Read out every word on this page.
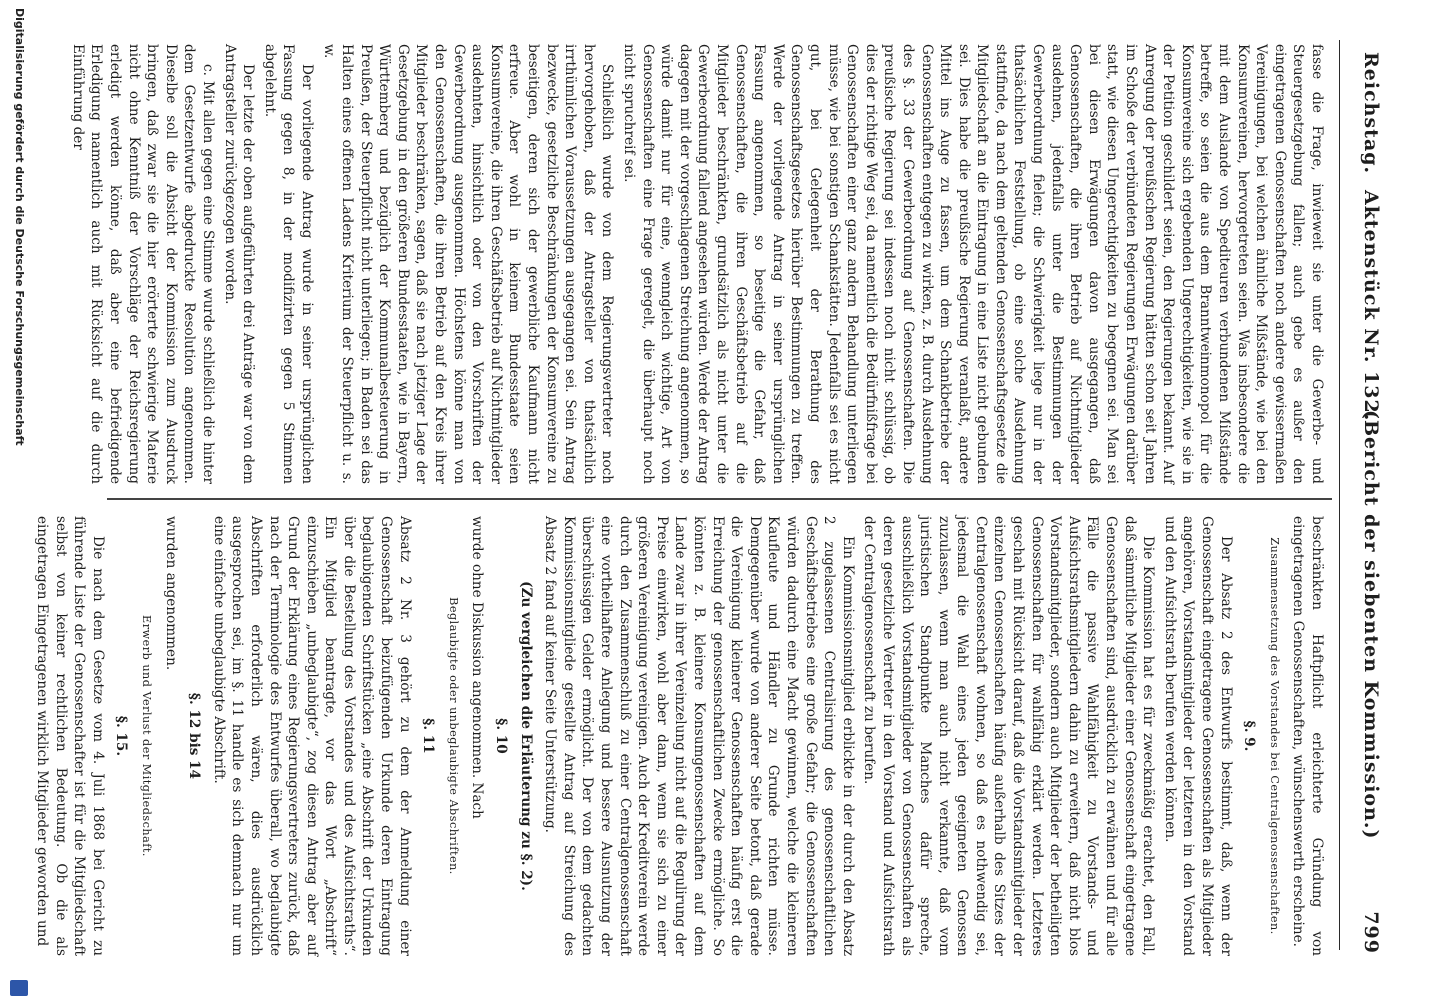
Reichstag.
Aktenstück Nr. 132.
(Bericht der siebenten Kommission.)
799

fasse die Frage, inwieweit sie unter die Gewerbe- und Steuergesetzgebung fallen; auch gebe es außer den eingetragenen Genossenschaften noch andere gewissermaßen Vereinigungen, bei welchen ähnliche Mißstände, wie bei den Konsumvereinen, hervorgetreten seien. Was insbesondere die mit dem Auslande von Spediteuren verbundenen Mißstände betreffe, so seien die aus dem Branntweinmonopol für die Konsumvereine sich ergebenden Ungerechtigkeiten, wie sie in der Petition geschildert seien, den Regierungen bekannt. Auf Anregung der preußischen Regierung hätten schon seit Jahren im Schoße der verbündeten Regierungen Erwägungen darüber statt, wie diesen Ungerechtigkeiten zu begegnen sei. Man sei bei diesen Erwägungen davon ausgegangen, daß Genossenschaften, die ihren Betrieb auf Nichtmitglieder ausdehnen, jedenfalls unter die Bestimmungen der Gewerbeordnung fielen; die Schwierigkeit liege nur in der thatsächlichen Feststellung, ob eine solche Ausdehnung stattfinde, da nach dem geltenden Genossenschaftsgesetze die Mitgliedschaft an die Eintragung in eine Liste nicht gebunden sei. Dies habe die preußische Regierung veranlaßt, andere Mittel ins Auge zu fassen, um dem Schankbetriebe der Genossenschaften entgegen zu wirken, z. B. durch Ausdehnung des §. 33 der Gewerbeordnung auf Genossenschaften. Die preußische Regierung sei indessen noch nicht schlüssig, ob dies der richtige Weg sei, da namentlich die Bedürfnißfrage bei Genossenschaften einer ganz andern Behandlung unterliegen müsse, wie bei sonstigen Schankstätten. Jedenfalls sei es nicht gut, bei Gelegenheit der Berathung des Genossenschaftsgesetzes hierüber Bestimmungen zu treffen. Werde der vorliegende Antrag in seiner ursprünglichen Fassung angenommen, so beseitige die Gefahr, daß Genossenschaften, die ihren Geschäftsbetrieb auf die Mitglieder beschränkten, grundsätzlich als nicht unter die Gewerbeordnung fallend angesehen würden. Werde der Antrag dagegen mit der vorgeschlagenen Streichung angenommen, so würde damit nur für eine, wenngleich wichtige, Art von Genossenschaften eine Frage geregelt, die überhaupt noch nicht spruchreif sei.

Schließlich wurde von dem Regierungsvertreter noch hervorgehoben, daß der Antragsteller von thatsächlich irrthümlichen Voraussetzungen ausgegangen sei. Sein Antrag bezwecke, gesetzliche Beschränkungen der Konsumvereine zu beseitigen, deren sich der gewerbliche Kaufmann nicht erfreue. Aber wohl in keinem Bundesstaate seien Konsumvereine, die ihren Geschäftsbetrieb auf Nichtmitglieder ausdehnten, hinsichtlich oder von den Vorschriften der Gewerbeordnung ausgenommen. Höchstens könne man von den Genossenschaften, die ihren Betrieb auf den Kreis ihrer Mitglieder beschränken, sagen, daß sie nach jetziger Lage der Gesetzgebung in den größeren Bundesstaaten, wie in Bayern, Württemberg und bezüglich der Kommunalbesteuerung in Preußen, der Steuerpflicht nicht unterliegen; in Baden sei das Halten eines offenen Ladens Kriterium der Steuerpflicht u. s. w.

Der vorliegende Antrag wurde in seiner ursprünglichen Fassung gegen 8, in der modifizirten gegen 5 Stimmen abgelehnt.

Der letzte der oben aufgeführten drei Anträge war von dem Antragsteller zurückgezogen worden.

c. Mit allen gegen eine Stimme wurde schließlich die hinter dem Gesetzentwurfe abgedruckte Resolution angenommen. Dieselbe soll die Absicht der Kommission zum Ausdruck bringen, daß zwar sie die hier erörterte schwierige Materie nicht ohne Kenntniß der Vorschläge der Reichsregierung erledigt werden könne, daß aber eine befriedigende Erledigung namentlich auch mit Rücksicht auf die durch Einführung der

beschränkten Haftpflicht erleichterte Gründung von eingetragenen Genossenschaften, wünschenswerth erscheine.

Zusammensetzung des Vorstandes bei Centralgenossenschaften.

§. 9.

Der Absatz 2 des Entwurfs bestimmt, daß, wenn der Genossenschaft eingetragene Genossenschaften als Mitglieder angehören, Vorstandsmitglieder der letzteren in den Vorstand und den Aufsichtsrath berufen werden können.

Die Kommission hat es für zweckmäßig erachtet, den Fall, daß sämmtliche Mitglieder einer Genossenschaft eingetragene Genossenschaften sind, ausdrücklich zu erwähnen und für alle Fälle die passive Wahlfähigkeit zu Vorstands- und Aufsichtsrathsmitgliedern dahin zu erweitern, daß nicht blos Vorstandsmitglieder, sondern auch Mitglieder der betheiligten Genossenschaften für wahlfähig erklärt werden. Letzteres geschah mit Rücksicht darauf, daß die Vorstandsmitglieder der einzelnen Genossenschaften häufig außerhalb des Sitzes der Centralgenossenschaft wohnen, so daß es nothwendig sei, jedesmal die Wahl eines jeden geeigneten Genossen zuzulassen, wenn man auch nicht verkannte, daß vom juristischen Standpunkte Manches dafür spreche, ausschließlich Vorstandsmitglieder von Genossenschaften als deren gesetzliche Vertreter in den Vorstand und Aufsichtsrath der Centralgenossenschaft zu berufen.

Ein Kommissionsmitglied erblickte in der durch den Absatz 2 zugelassenen Centralisirung des genossenschaftlichen Geschäftsbetriebes eine große Gefahr; die Genossenschaften würden dadurch eine Macht gewinnen, welche die kleineren Kaufleute und Händler zu Grunde richten müsse. Demgegenüber wurde von anderer Seite betont, daß gerade die Vereinigung kleinerer Genossenschaften häufig erst die Erreichung der genossenschaftlichen Zwecke ermögliche. So könnten z. B. kleinere Konsumgenossenschaften auf dem Lande zwar in ihrer Vereinzelung nicht auf die Regulirung der Preise einwirken, wohl aber dann, wenn sie sich zu einer größeren Vereinigung vereinigen. Auch der Kreditverein werde durch den Zusammenschluß zu einer Centralgenossenschaft eine vortheilhaftere Anlegung und bessere Ausnutzung der überschüssigen Gelder ermöglicht. Der von dem gedachten Kommissionsmitgliede gestellte Antrag auf Streichung des Absatz 2 fand auf keiner Seite Unterstützung.

(Zu vergleichen die Erläuterung zu §. 2).

§. 10

wurde ohne Diskussion angenommen. Nach

Beglaubigte oder unbeglaubigte Abschriften.

§. 11

Absatz 2 Nr. 3 gehört zu dem der Anmeldung einer Genossenschaft beizufügenden Urkunde deren Eintragung beglaubigenden Schriftstücken „eine Abschrift der Urkunden über die Bestellung des Vorstandes und des Aufsichtsraths“. Ein Mitglied beantragte, vor das Wort „Abschrift“ einzuschieben „unbeglaubigte“, zog diesen Antrag aber auf Grund der Erklärung eines Regierungsvertreters zurück, daß nach der Terminologie des Entwurfes überall, wo beglaubigte Abschriften erforderlich wären, dies ausdrücklich ausgesprochen sei, im §. 11 handle es sich demnach nur um eine einfache unbeglaubigte Abschrift.

§. 12 bis 14

wurden angenommen.

Erwerb und Verlust der Mitgliedschaft.

§. 15.

Die nach dem Gesetze vom 4. Juli 1868 bei Gericht zu führende Liste der Genossenschafter ist für die Mitgliedschaft selbst von keiner rechtlichen Bedeutung. Ob die als eingetragen Eingetragenen wirklich Mitglieder geworden und

Digitalisierung gefördert durch die Deutsche Forschungsgemeinschaft
